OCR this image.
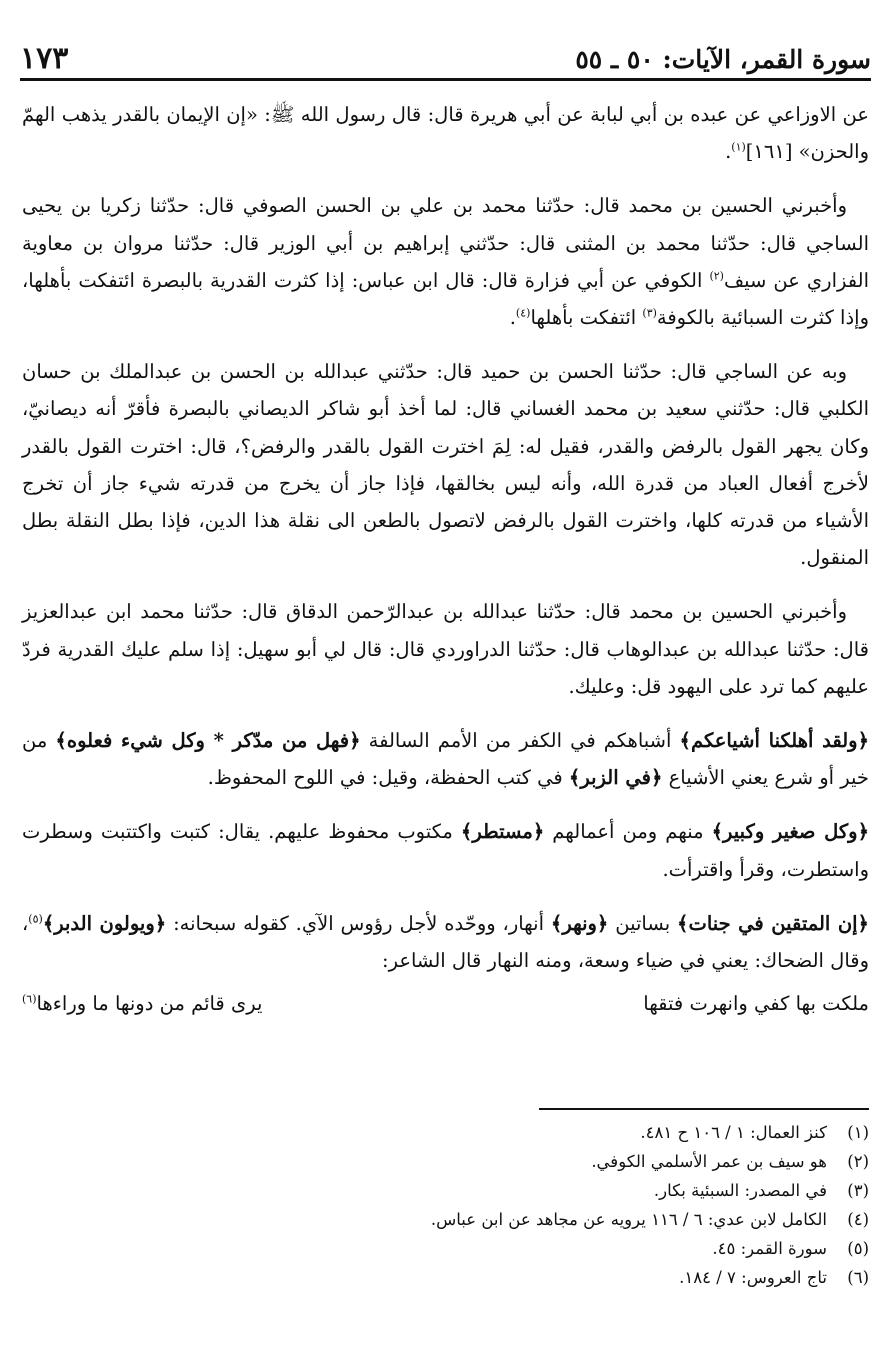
سورة القمر، الآيات: ٥٠ ـ ٥٥
١٧٣

عن الاوزاعي عن عبده بن أبي لبابة عن أبي هريرة قال: قال رسول الله ﷺ: «إن الإيمان بالقدر يذهب الهمّ والحزن» [١٦١]$^{(١)}$.

وأخبرني الحسين بن محمد قال: حدّثنا محمد بن علي بن الحسن الصوفي قال: حدّثنا زكريا بن يحيى الساجي قال: حدّثنا محمد بن المثنى قال: حدّثني إبراهيم بن أبي الوزير قال: حدّثنا مروان بن معاوية الفزاري عن سيف$^{(٢)}$ الكوفي عن أبي فزارة قال: قال ابن عباس: إذا كثرت القدرية بالبصرة ائتفكت بأهلها، وإذا كثرت السبائية بالكوفة$^{(٣)}$ ائتفكت بأهلها$^{(٤)}$.

وبه عن الساجي قال: حدّثنا الحسن بن حميد قال: حدّثني عبدالله بن الحسن بن عبدالملك بن حسان الكلبي قال: حدّثني سعيد بن محمد الغساني قال: لما أخذ أبو شاكر الديصاني بالبصرة فأقرّ أنه ديصانيّ، وكان يجهر القول بالرفض والقدر، فقيل له: لِمَ اخترت القول بالقدر والرفض؟، قال: اخترت القول بالقدر لأخرج أفعال العباد من قدرة الله، وأنه ليس بخالقها، فإذا جاز أن يخرج من قدرته شيء جاز أن تخرج الأشياء من قدرته كلها، واخترت القول بالرفض لاتصول بالطعن الى نقلة هذا الدين، فإذا بطل النقلة بطل المنقول.

وأخبرني الحسين بن محمد قال: حدّثنا عبدالله بن عبدالرّحمن الدقاق قال: حدّثنا محمد ابن عبدالعزيز قال: حدّثنا عبدالله بن عبدالوهاب قال: حدّثنا الدراوردي قال: قال لي أبو سهيل: إذا سلم عليك القدرية فردّ عليهم كما ترد على اليهود قل: وعليك.

﴿ولقد أهلكنا أشياعكم﴾ أشباهكم في الكفر من الأمم السالفة ﴿فهل من مدّكر * وكل شيء فعلوه﴾ من خير أو شرع يعني الأشياع ﴿في الزبر﴾ في كتب الحفظة، وقيل: في اللوح المحفوظ.

﴿وكل صغير وكبير﴾ منهم ومن أعمالهم ﴿مستطر﴾ مكتوب محفوظ عليهم. يقال: كتبت واكتتبت وسطرت واستطرت، وقرأ واقترأت.

﴿إن المتقين في جنات﴾ بساتين ﴿ونهر﴾ أنهار، ووحّده لأجل رؤوس الآي. كقوله سبحانه: ﴿ويولون الدبر﴾$^{(٥)}$، وقال الضحاك: يعني في ضياء وسعة، ومنه النهار قال الشاعر:

ملكت بها كفي وانهرت فتقها
يرى قائم من دونها ما وراءها$^{(٦)}$
(١)
كنز العمال: ١ / ١٠٦ ح ٤٨١.
(٢)
هو سيف بن عمر الأسلمي الكوفي.
(٣)
في المصدر: السبئية بكار.
(٤)
الكامل لابن عدي: ٦ / ١١٦ يرويه عن مجاهد عن ابن عباس.
(٥)
سورة القمر: ٤٥.
(٦)
تاج العروس: ٧ / ١٨٤.
